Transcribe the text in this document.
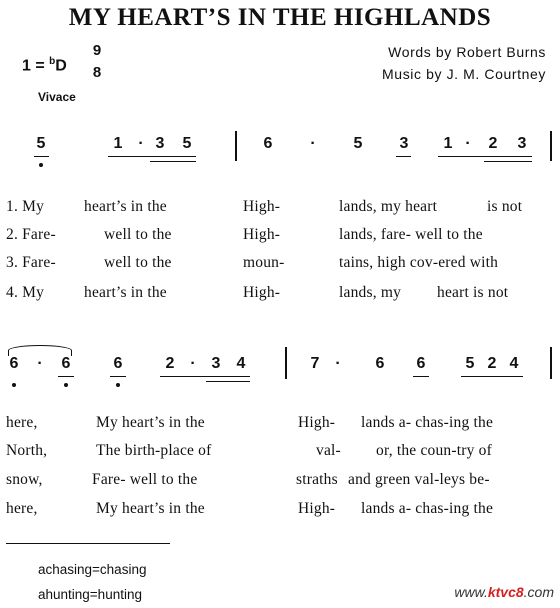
MY HEART’S IN THE HIGHLANDS
1 = $^b$D
9
8
Vivace
Words by Robert Burns
Music by J. M. Courtney
5	1 · 3 5	6 · 5 3 1 · 2 3
1. My	heart’s in the	High-	lands, my heart	is not
2. Fare-	well to the	High-	lands, fare- well to the
3. Fare-	well to the	moun-	tains, high cov-ered with
4. My	heart’s in the	High-	lands, my heart is not
6 · 6	6	2 · 3 4	7 · 6 6	5 2 4
here,	My heart’s in the	High- lands a- chas-ing the
North,	The birth-place of	val- or, the coun-try of
snow,	Fare- well to the	straths and green val-leys be-
here,	My heart’s in the	High- lands a- chas-ing the
achasing=chasing
ahunting=hunting	www.ktvc8.com
